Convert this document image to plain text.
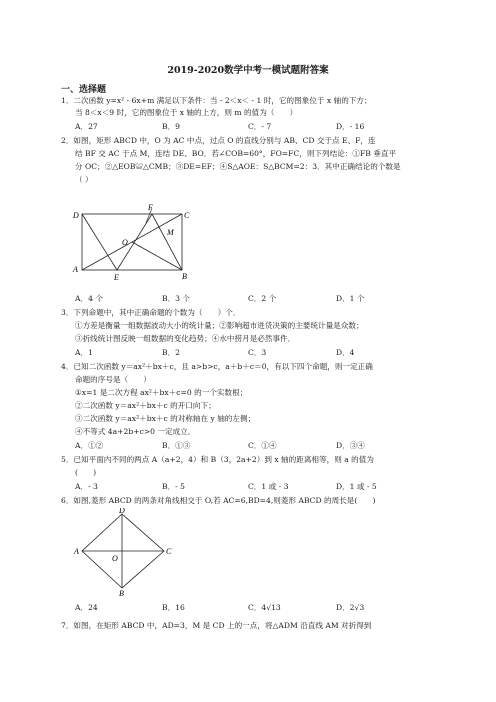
2019-2020数学中考一模试题附答案
一、选择题
1．二次函数 y=x² - 6x+m 满足以下条件：当 - 2＜x＜ - 1 时，它的图象位于 x 轴的下方；
当 8＜x＜9 时，它的图象位于 x 轴的上方，则 m 的值为（　　）
A．27	B．9	C．- 7	D．- 16
2．如图，矩形 ABCD 中，O 为 AC 中点，过点 O 的直线分别与 AB、CD 交于点 E、F，连
结 BF 交 AC 于点 M，连结 DE、BO．若∠COB=60°，FO=FC，则下列结论：①FB 垂直平
分 OC；②△EOB≌△CMB；③DE=EF；④S△AOE：S△BCM=2：3．其中正确结论的个数是
（ ）
D
F
C
O
M
A
E	B
A．4 个	B．3 个	C．2 个	D．1 个
3．下列命题中，其中正确命题的个数为（　　）个．
①方差是衡量一组数据波动大小的统计量；②影响超市进货决策的主要统计量是众数；
③折线统计图反映一组数据的变化趋势；④水中捞月是必然事件．
A．1	B．2	C．3	D．4
4．已知二次函数 y＝ax²＋bx＋c，且 a>b>c，a＋b＋c＝0，有以下四个命题，则一定正确
命题的序号是（　　）
①x=1 是二次方程 ax²＋bx＋c=0 的一个实数根；
②二次函数 y＝ax²＋bx＋c 的开口向下；
③二次函数 y＝ax²＋bx＋c 的对称轴在 y 轴的左侧；
④不等式 4a+2b+c>0 一定成立．
A．①②	B．①③	C．①④	D．③④
5．已知平面内不同的两点 A（a+2，4）和 B（3，2a+2）到 x 轴的距离相等，则 a 的值为
(　　)
A．- 3	B．- 5	C．1 或 - 3	D．1 或 - 5
6．如图,菱形 ABCD 的两条对角线相交于 O,若 AC=6,BD=4,则菱形 ABCD 的周长是(　　)
D
A
O
C
B
A．24	B．16	C．4√13	D．2√3
7．如图，在矩形 ABCD 中，AD=3，M 是 CD 上的一点，将△ADM 沿直线 AM 对折得到
